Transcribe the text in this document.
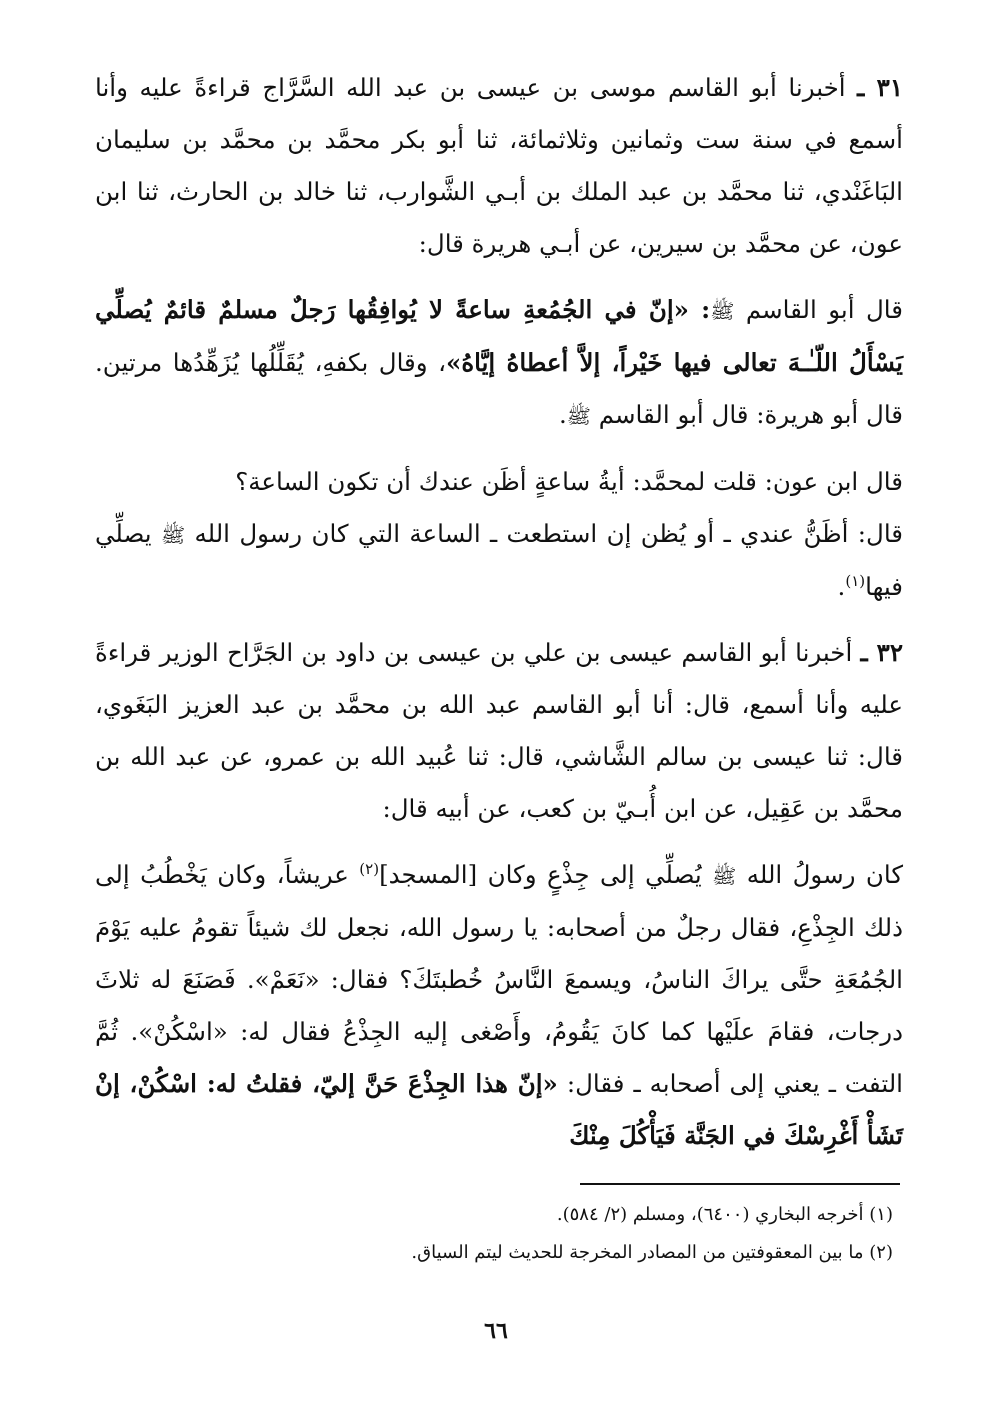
٣١ ـ أخبرنا أبو القاسم موسى بن عيسى بن عبد الله السَّرَّاج قراءةً عليه وأنا أسمع في سنة ست وثمانين وثلاثمائة، ثنا أبو بكر محمَّد بن محمَّد بن سليمان البَاغَنْدي، ثنا محمَّد بن عبد الملك بن أبـي الشَّوارب، ثنا خالد بن الحارث، ثنا ابن عون، عن محمَّد بن سيرين، عن أبـي هريرة قال:

قال أبو القاسم ﷺ: «إنّ في الجُمُعةِ ساعةً لا يُوافِقُها رَجلٌ مسلمٌ قائمٌ يُصلِّي يَسْأَلُ اللّـٰـهَ تعالى فيها خَيْراً، إلاَّ أعطاهُ إيَّاهُ»، وقال بكفهِ، يُقَلِّلُها يُزَهِّدُها مرتين. قال أبو هريرة: قال أبو القاسم ﷺ.

قال ابن عون: قلت لمحمَّد: أيةُ ساعةٍ أظَن عندك أن تكون الساعة؟
قال: أظَنُّ عندي ـ أو يُظن إن استطعت ـ الساعة التي كان رسول الله ﷺ يصلِّي فيها$^{(١)}$.

٣٢ ـ أخبرنا أبو القاسم عيسى بن علي بن عيسى بن داود بن الجَرَّاح الوزير قراءةً عليه وأنا أسمع، قال: أنا أبو القاسم عبد الله بن محمَّد بن عبد العزيز البَغَوي، قال: ثنا عيسى بن سالم الشَّاشي، قال: ثنا عُبيد الله بن عمرو، عن عبد الله بن محمَّد بن عَقِيل، عن ابن أُبـيّ بن كعب، عن أبيه قال:

كان رسولُ الله ﷺ يُصلِّي إلى جِذْعٍ وكان [المسجد]$^{(٢)}$ عريشاً، وكان يَخْطُبُ إلى ذلك الجِذْعِ، فقال رجلٌ من أصحابه: يا رسول الله، نجعل لك شيئاً تقومُ عليه يَوْمَ الجُمُعَةِ حتَّى يراكَ الناسُ، ويسمعَ النَّاسُ خُطبتَكَ؟ فقال: «نَعَمْ». فَصَنَعَ له ثلاثَ درجات، فقامَ علَيْها كما كانَ يَقُومُ، وأَصْغى إليه الجِذْعُ فقال له: «اسْكُنْ». ثُمَّ التفت ـ يعني إلى أصحابه ـ فقال: «إنّ هذا الجِذْعَ حَنَّ إليّ، فقلتُ له: اسْكُنْ، إنْ تَشَأْ أَغْرِسْكَ في الجَنَّة فَيَأْكُلَ مِنْكَ

(١) أخرجه البخاري (٦٤٠٠)، ومسلم (٢/ ٥٨٤).
(٢) ما بين المعقوفتين من المصادر المخرجة للحديث ليتم السياق.
٦٦
